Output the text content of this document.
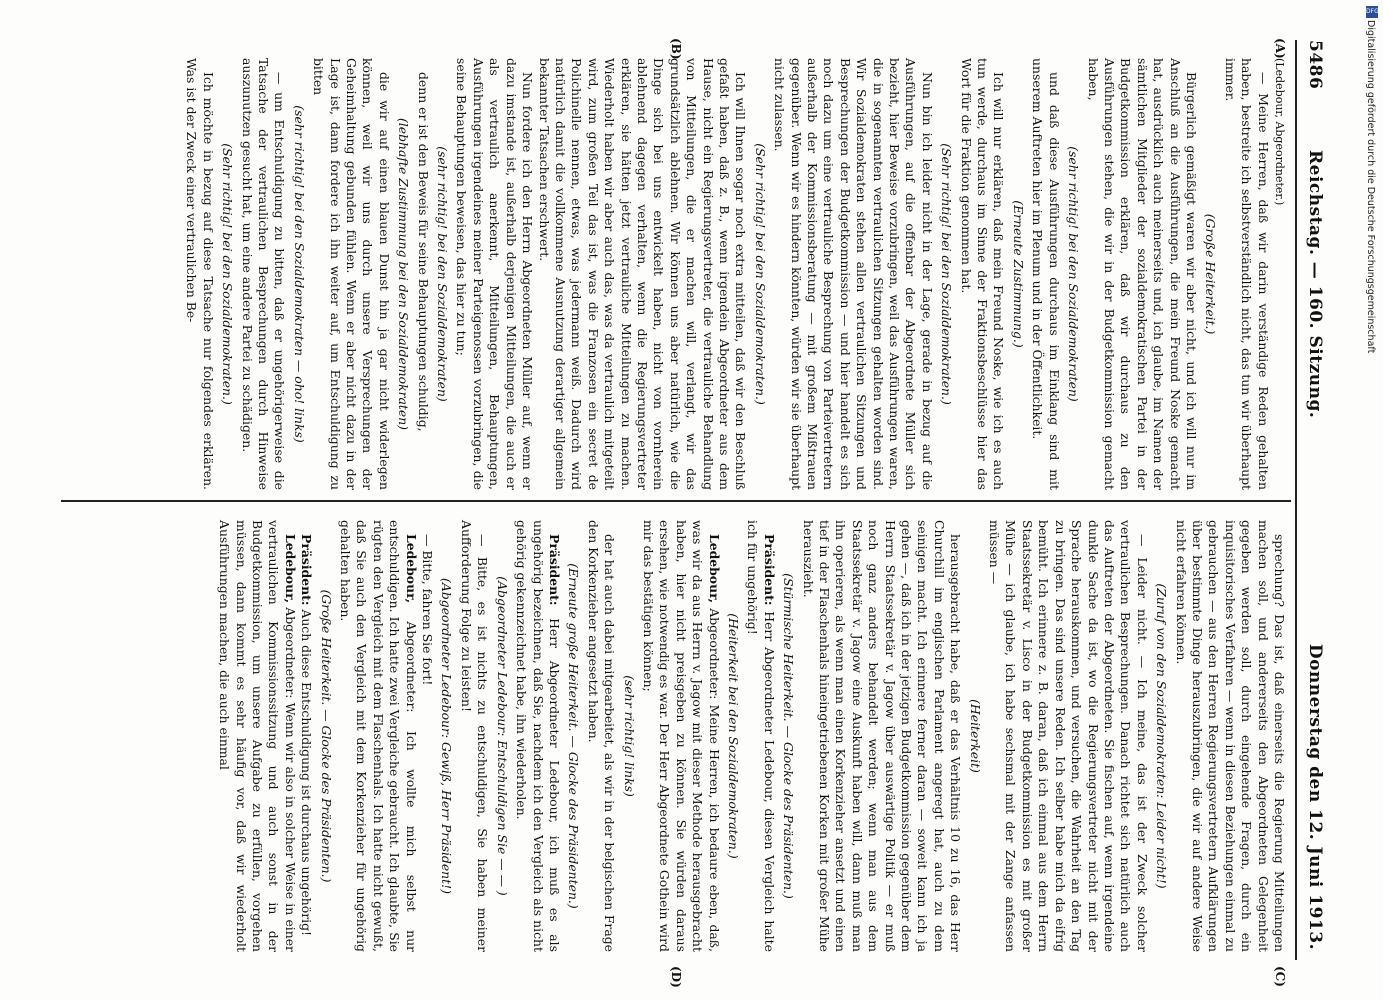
5486
Reichstag. — 160. Sitzung.
Donnerstag den 12. Juni 1913.
(A)
(B)
(C)
(D)

(Ledebour, Abgeordneter.)

— Meine Herren, daß wir darin verständige Reden gehalten haben, bestreite ich selbstverständlich nicht, das tun wir überhaupt immer.

(Große Heiterkeit.)

Bürgerlich gemäßigt waren wir aber nicht, und ich will nur im Anschluß an die Ausführungen, die mein Freund Noske gemacht hat, ausdrücklich auch meinerseits und, ich glaube, im Namen der sämtlichen Mitglieder der sozialdemokratischen Partei in der Budgetkommission erklären, daß wir durchaus zu den Ausführungen stehen, die wir in der Budgetkommission gemacht haben,

(sehr richtig! bei den Sozialdemokraten)

und daß diese Ausführungen durchaus im Einklang sind mit unserem Auftreten hier im Plenum und in der Öffentlichkeit.

(Erneute Zustimmung.)

Ich will nur erklären, daß mein Freund Noske, wie ich es auch tun werde, durchaus im Sinne der Fraktionsbeschlüsse hier das Wort für die Fraktion genommen hat.

(Sehr richtig! bei den Sozialdemokraten.)

Nun bin ich leider nicht in der Lage, gerade in bezug auf die Ausführungen, auf die offenbar der Abgeordnete Müller sich bezieht, hier Beweise vorzubringen, weil das Ausführungen waren, die in sogenannten vertraulichen Sitzungen gehalten worden sind. Wir Sozialdemokraten stehen allen vertraulichen Sitzungen und Besprechungen der Budgetkommission — und hier handelt es sich noch dazu um eine vertrauliche Besprechung von Parteivertretern außerhalb der Kommissionsberatung — mit großem Mißtrauen gegenüber. Wenn wir es hindern könnten, würden wir sie überhaupt nicht zulassen.

(Sehr richtig! bei den Sozialdemokraten.)

Ich will Ihnen sogar noch extra mitteilen, daß wir den Beschluß gefaßt haben, daß z. B., wenn irgendein Abgeordneter aus dem Hause, nicht ein Regierungsvertreter, die vertrauliche Behandlung von Mitteilungen, die er machen will, verlangt, wir das grundsätzlich ablehnen. Wir können uns aber natürlich, wie die Dinge sich bei uns entwickelt haben, nicht von vornherein ablehnend dagegen verhalten, wenn die Regierungsvertreter erklären, sie hätten jetzt vertrauliche Mitteilungen zu machen. Wiederholt haben wir aber auch das, was da vertraulich mitgeteilt wird, zum großen Teil das ist, was die Franzosen ein secret de Polichinelle nennen, etwas, was jedermann weiß. Dadurch wird natürlich damit die vollkommene Ausnutzung derartiger allgemein bekannter Tatsachen erschwert.

Nun fordere ich den Herrn Abgeordneten Müller auf, wenn er dazu imstande ist, außerhalb derjenigen Mitteilungen, die auch er als vertraulich anerkennt, Mitteilungen, Behauptungen, Ausführungen irgendeines meiner Parteigenossen vorzubringen, die seine Behauptungen beweisen, das hier zu tun;

(sehr richtig! bei den Sozialdemokraten)

denn er ist den Beweis für seine Behauptungen schuldig,

(lebhafte Zustimmung bei den Sozialdemokraten)

die wir auf einen blauen Dunst hin ja gar nicht widerlegen können, weil wir uns durch unsere Versprechungen der Geheimhaltung gebunden fühlen. Wenn er aber nicht dazu in der Lage ist, dann fordere ich ihn weiter auf, um Entschuldigung zu bitten

(sehr richtig! bei den Sozialdemokraten — oho! links)

— um Entschuldigung zu bitten, daß er ungehörigerweise die Tatsache der vertraulichen Besprechungen durch Hinweise auszunutzen gesucht hat, um eine andere Partei zu schädigen.

(Sehr richtig! bei den Sozialdemokraten.)

Ich möchte in bezug auf diese Tatsache nur folgendes erklären. Was ist der Zweck einer vertraulichen Be-

sprechung? Das ist, daß einerseits die Regierung Mitteilungen machen soll, und andererseits den Abgeordneten Gelegenheit gegeben werden soll, durch eingehende Fragen, durch ein inquisitorisches Verfahren — wenn in diesen Beziehungen einmal zu gebrauchen — aus den Herren Regierungsvertretern Aufklärungen über bestimmte Dinge herauszubringen, die wir auf andere Weise nicht erfahren können.

(Zuruf von den Sozialdemokraten: Leider nicht!)

— Leider nicht. — Ich meine, das ist der Zweck solcher vertraulichen Besprechungen. Danach richtet sich natürlich auch das Auftreten der Abgeordneten. Sie fischen auf, wenn irgendeine dunkle Sache da ist, wo die Regierungsvertreter nicht mit der Sprache herauskommen, und versuchen, die Wahrheit an den Tag zu bringen. Das sind unsere Reden. Ich selber habe mich da eifrig bemüht. Ich erinnere z. B. daran, daß ich einmal aus dem Herrn Staatssekretär v. Lisco in der Budgetkommission es mit großer Mühe — ich glaube, ich habe sechsmal mit der Zange anfassen müssen —

(Heiterkeit)

herausgebracht habe, daß er das Verhältnis 10 zu 16, das Herr Churchill im englischen Parlament angeregt hat, auch zu dem seinigen macht. Ich erinnere ferner daran — soweit kann ich ja gehen —, daß ich in der jetzigen Budgetkommission gegenüber dem Herrn Staatssekretär v. Jagow über auswärtige Politik — er muß noch ganz anders behandelt werden; wenn man aus dem Staatssekretär v. Jagow eine Auskunft haben will, dann muß man ihn operieren, als wenn man einen Korkenzieher ansetzt und einen tief in der Flaschenhals hineingetriebenen Korken mit großer Mühe herauszieht.

(Stürmische Heiterkeit. — Glocke des Präsidenten.)

Präsident: Herr Abgeordneter Ledebour, diesen Vergleich halte ich für ungehörig!

(Heiterkeit bei den Sozialdemokraten.)

Ledebour, Abgeordneter: Meine Herren, ich bedaure eben, daß, was wir da aus Herrn v. Jagow mit dieser Methode herausgebracht haben, hier nicht preisgeben zu können. Sie würden daraus ersehen, wie notwendig es war. Der Herr Abgeordnete Gothein wird mir das bestätigen können;

(sehr richtig! links)

der hat auch dabei mitgearbeitet, als wir in der belgischen Frage den Korkenzieher angesetzt haben.

(Erneute große Heiterkeit. — Glocke des Präsidenten.)

Präsident: Herr Abgeordneter Ledebour, ich muß es als ungehörig bezeichnen, daß Sie, nachdem ich den Vergleich als nicht gehörig gekennzeichnet habe, ihn wiederholen.

(Abgeordneter Ledebour: Entschuldigen Sie — — )

— Bitte, es ist nichts zu entschuldigen, Sie haben meiner Aufforderung Folge zu leisten!

(Abgeordneter Ledebour: Gewiß, Herr Präsident!)

— Bitte, fahren Sie fort!

Ledebour, Abgeordneter: Ich wollte mich selbst nur entschuldigen. Ich hatte zwei Vergleiche gebraucht. Ich glaubte, Sie rügten den Vergleich mit dem Flaschenhals. Ich hatte nicht gewußt, daß Sie auch den Vergleich mit dem Korkenzieher für ungehörig gehalten haben.

(Große Heiterkeit. — Glocke des Präsidenten.)

Präsident: Auch diese Entschuldigung ist durchaus ungehörig!

Ledebour, Abgeordneter: Wenn wir also in solcher Weise in einer vertraulichen Kommissionssitzung und auch sonst in der Budgetkommission, um unsere Aufgabe zu erfüllen, vorgehen müssen, dann kommt es sehr häufig vor, daß wir wiederholt Ausführungen machen, die auch einmal

DFG
Digitalisierung gefördert durch die Deutsche Forschungsgemeinschaft
